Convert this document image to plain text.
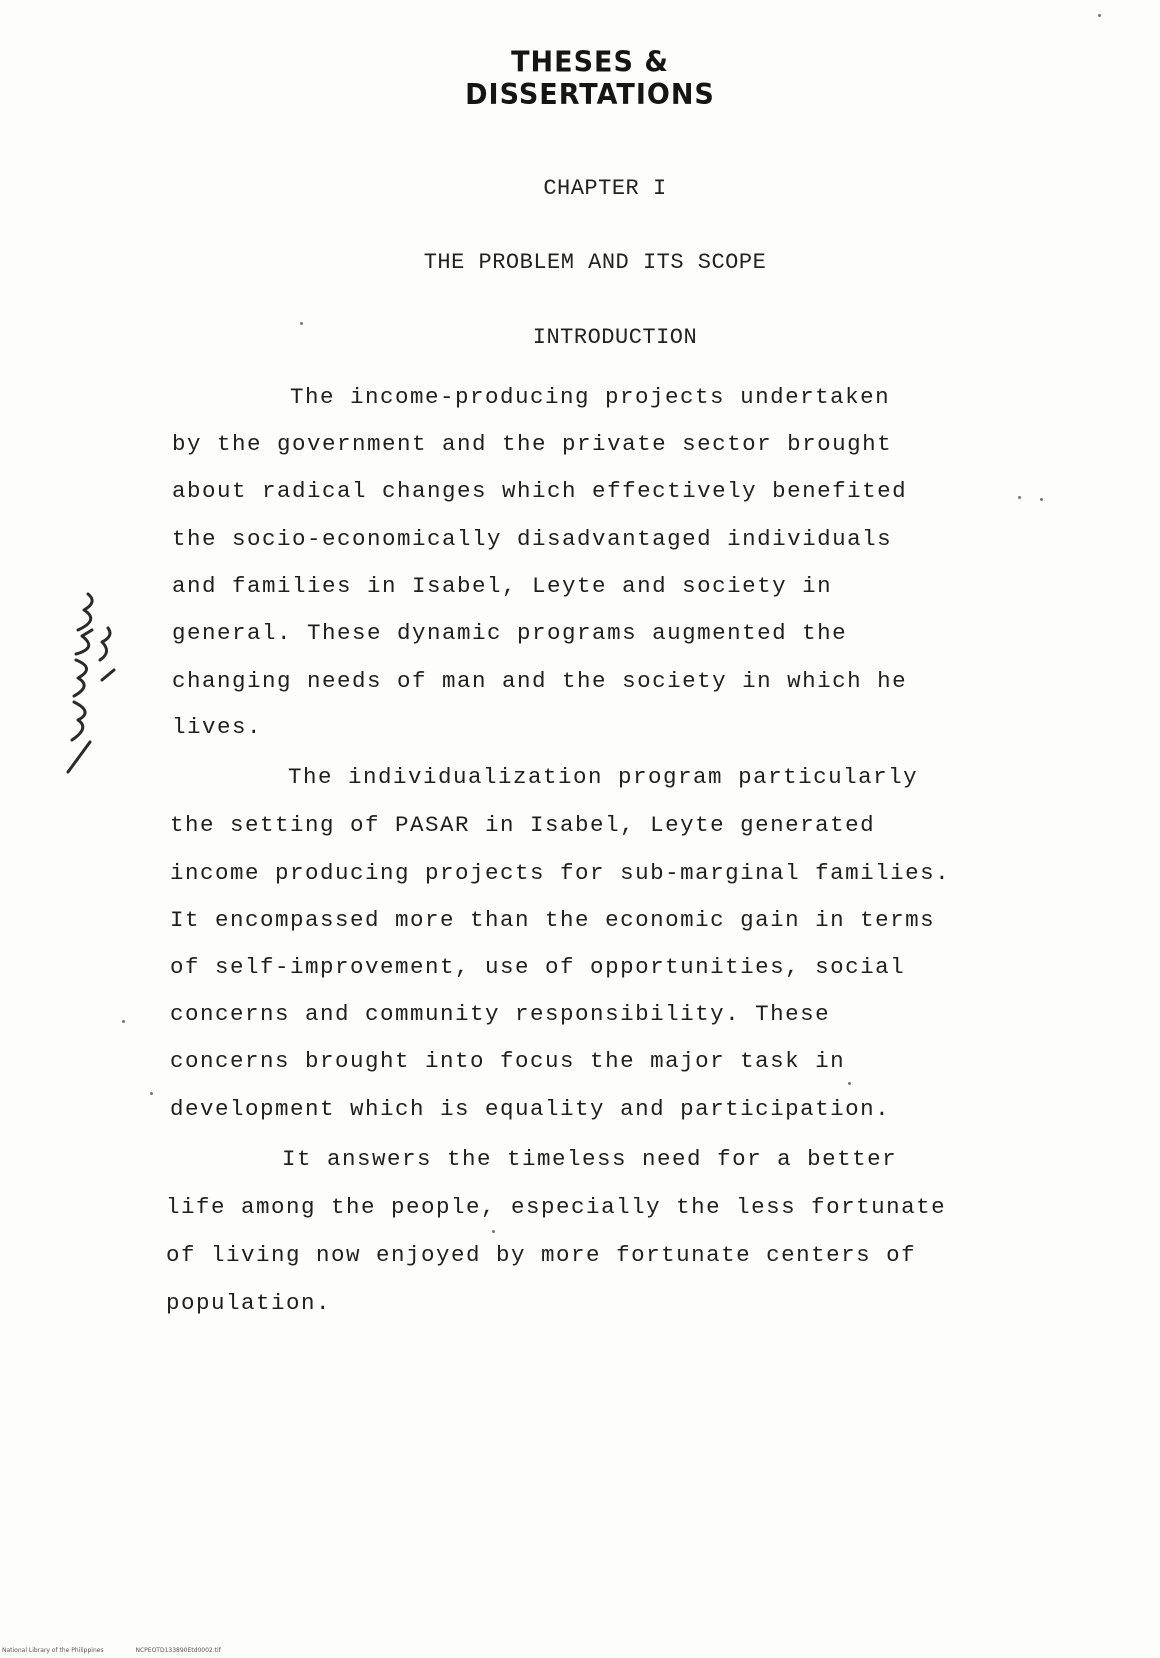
THESES & DISSERTATIONS
CHAPTER I
THE PROBLEM AND ITS SCOPE
INTRODUCTION
The income-producing projects undertaken
by the government and the private sector brought
about radical changes which effectively benefited
the socio-economically disadvantaged individuals
and families in Isabel, Leyte and society in
general. These dynamic programs augmented the
changing needs of man and the society in which he
lives.
The individualization program particularly
the setting of PASAR in Isabel, Leyte generated
income producing projects for sub-marginal families.
It encompassed more than the economic gain in terms
of self-improvement, use of opportunities, social
concerns and community responsibility. These
concerns brought into focus the major task in
development which is equality and participation.
It answers the timeless need for a better
life among the people, especially the less fortunate
of living now enjoyed by more fortunate centers of
population.
National Library of the Philippines	NCPEOTD133890Etd0002.tif
